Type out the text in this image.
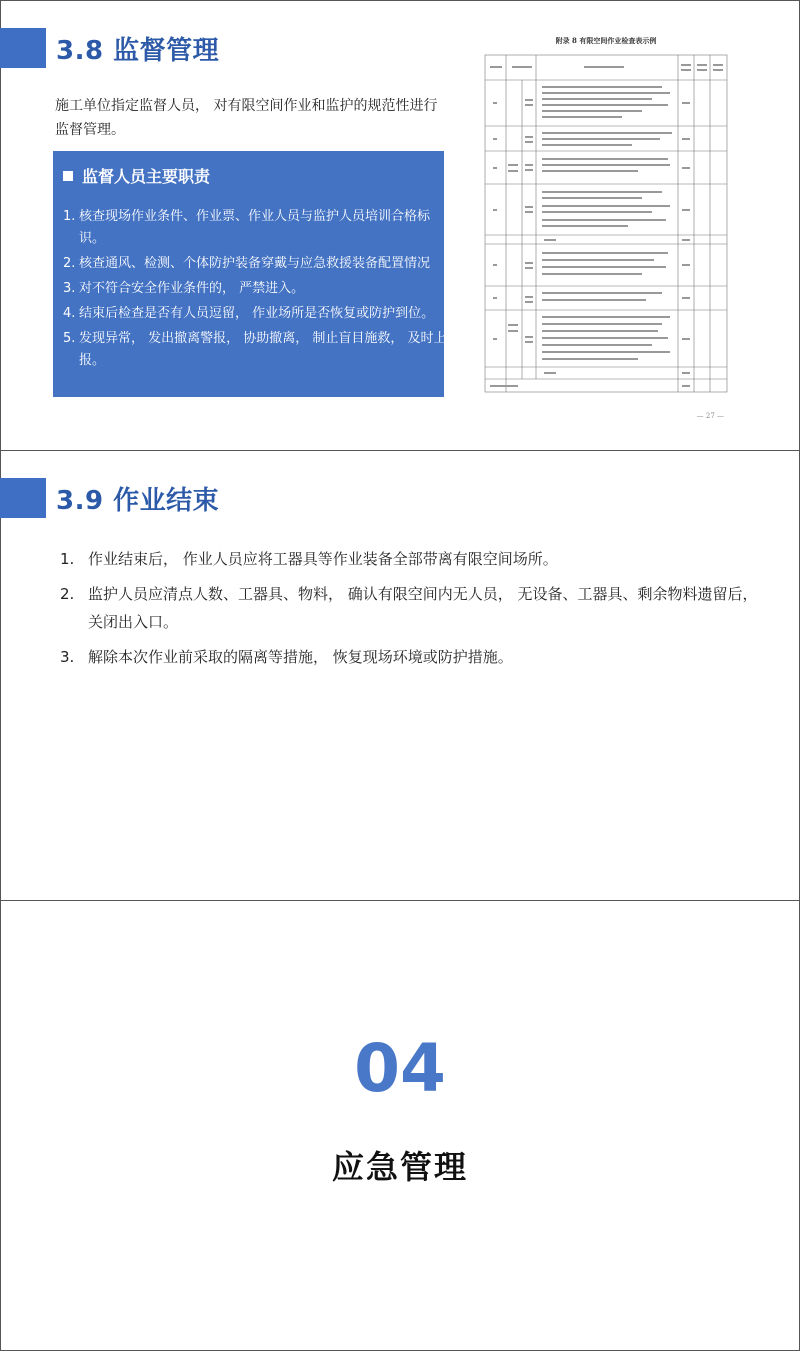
3.8 监督管理

施工单位指定监督人员， 对有限空间作业和监护的规范性进行监督管理。

监督人员主要职责
1. 核查现场作业条件、作业票、作业人员与监护人员培训合格标识。
2. 核查通风、检测、个体防护装备穿戴与应急救援装备配置情况
3. 对不符合安全作业条件的， 严禁进入。
4. 结束后检查是否有人员逗留， 作业场所是否恢复或防护到位。
5. 发现异常， 发出撤离警报， 协助撤离， 制止盲目施救， 及时上报。
附录 8 有限空间作业检查表示例
— 27 —
3.9 作业结束
1. 作业结束后， 作业人员应将工器具等作业装备全部带离有限空间场所。
2. 监护人员应清点人数、工器具、物料， 确认有限空间内无人员， 无设备、工器具、剩余物料遗留后， 关闭出入口。
3. 解除本次作业前采取的隔离等措施， 恢复现场环境或防护措施。
04
应急管理
